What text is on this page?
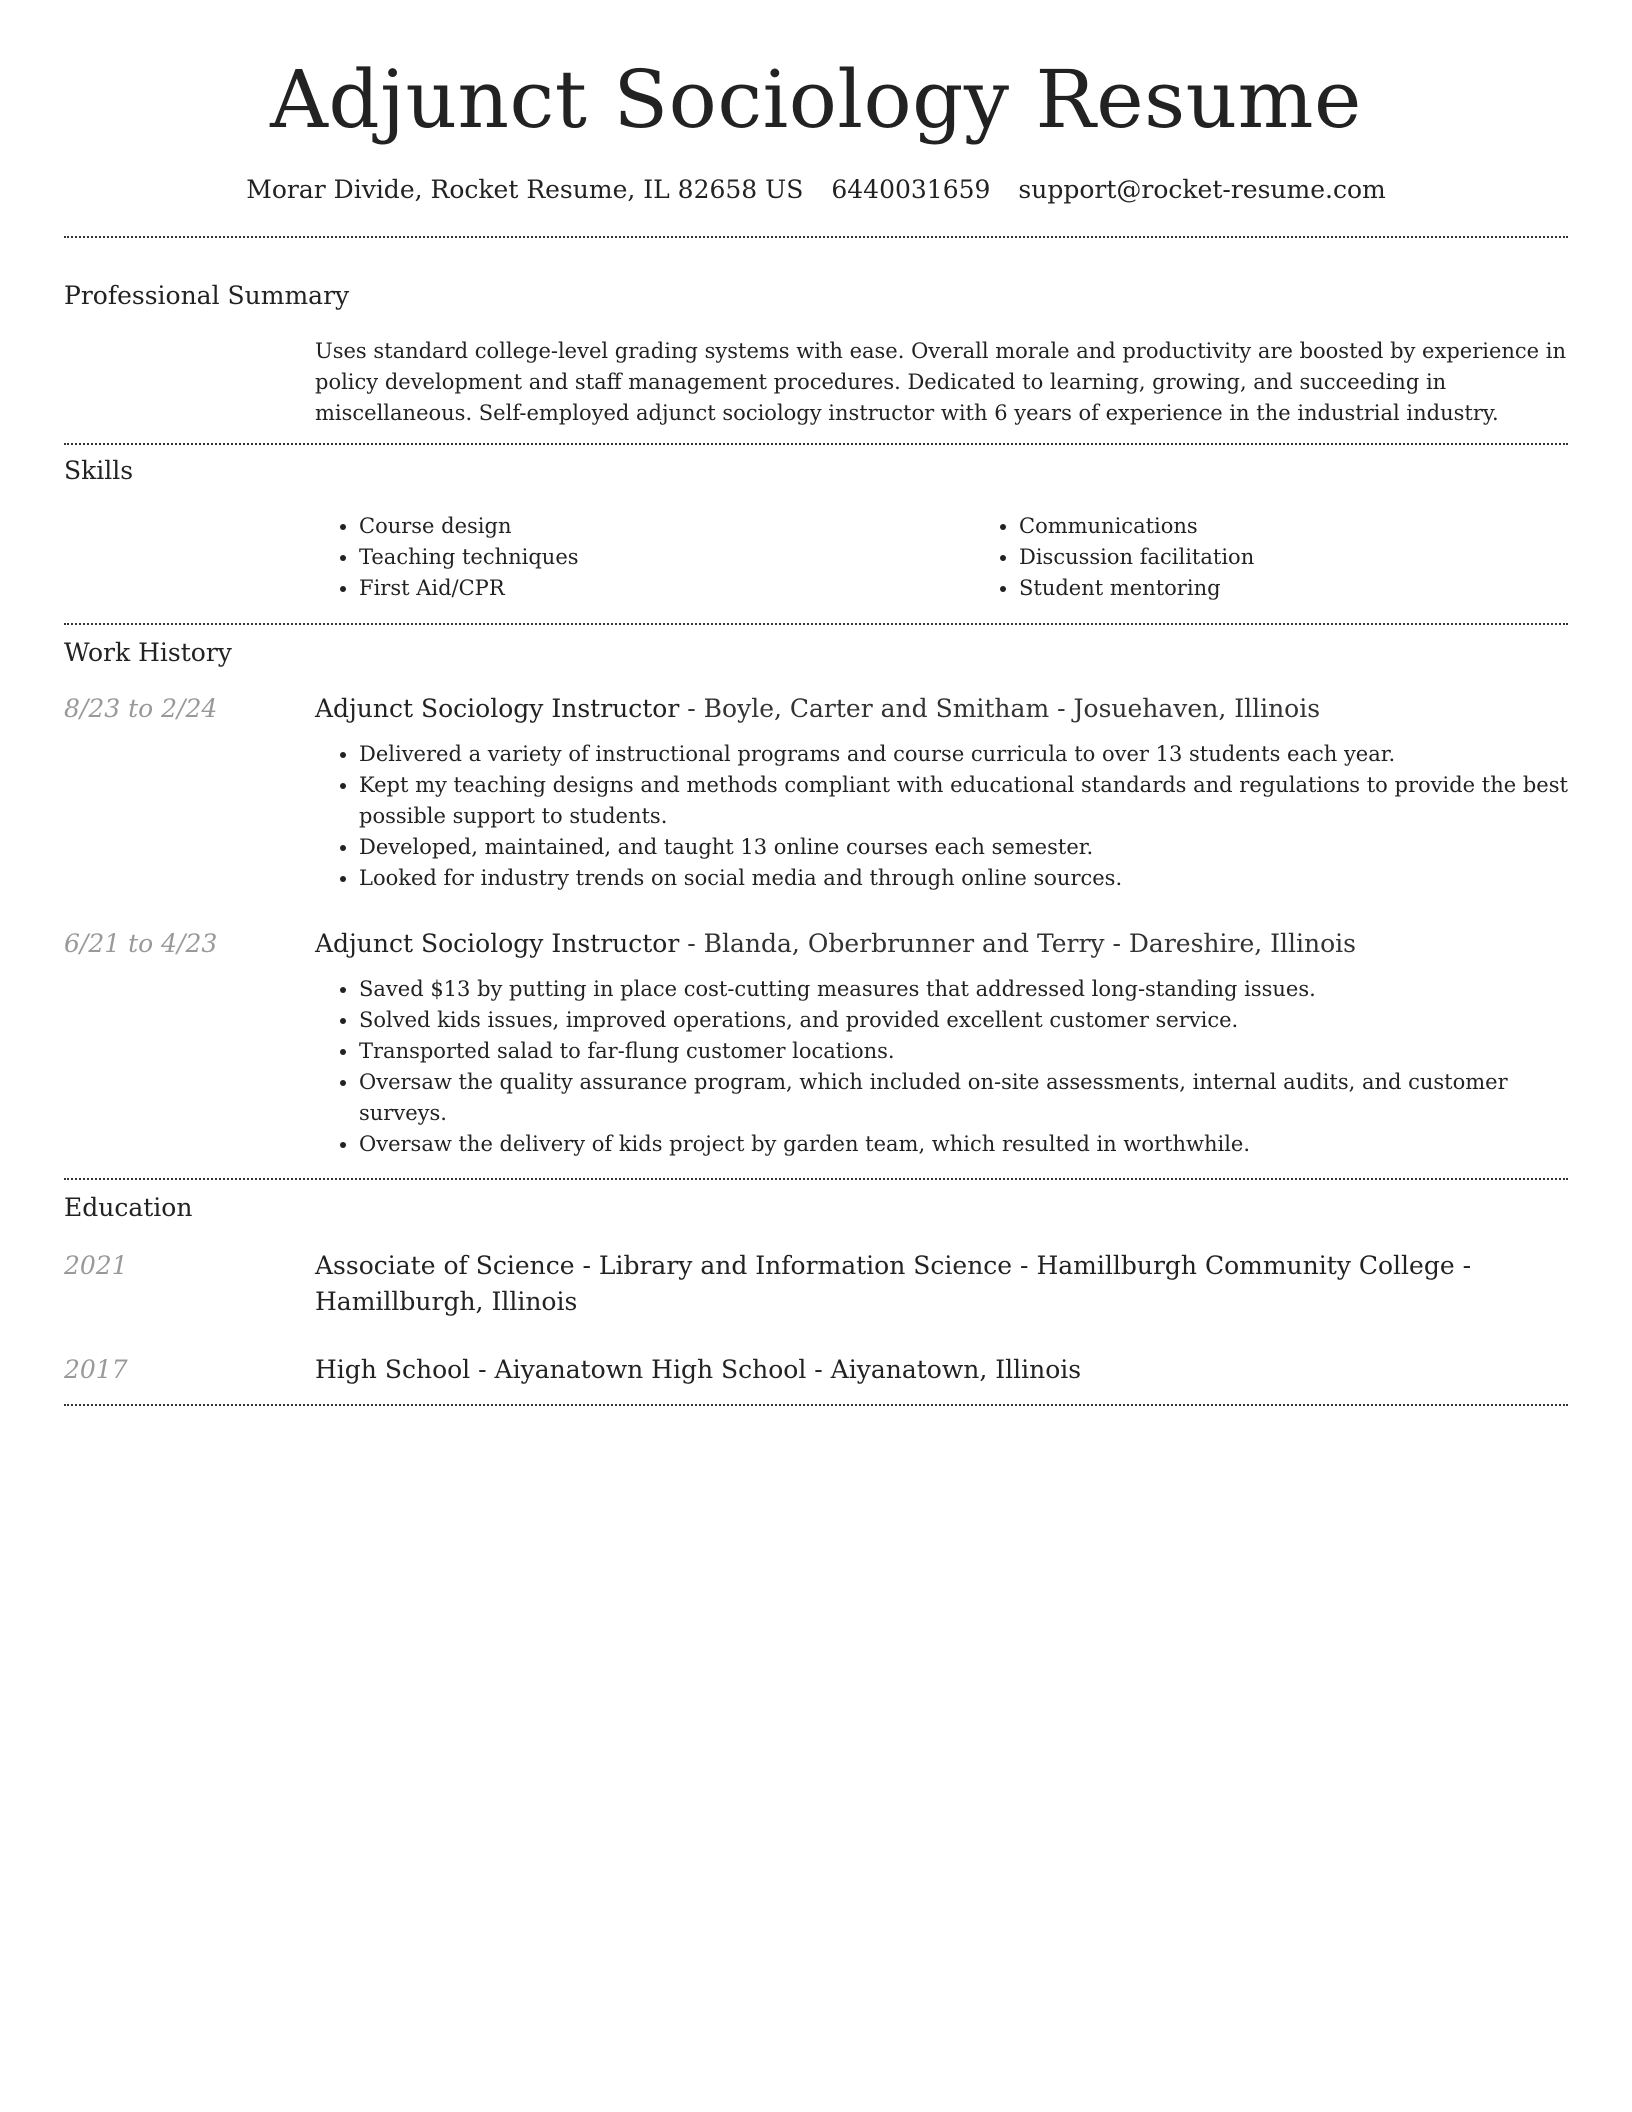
Adjunct Sociology Resume
Morar Divide, Rocket Resume, IL 82658 US 6440031659 support@rocket-resume.com
Professional Summary

Uses standard college-level grading systems with ease. Overall morale and productivity are boosted by experience in policy development and staff management procedures. Dedicated to learning, growing, and succeeding in miscellaneous. Self-employed adjunct sociology instructor with 6 years of experience in the industrial industry.

Skills
• Course design
• Teaching techniques
• First Aid/CPR
• Communications
• Discussion facilitation
• Student mentoring
Work History
8/23 to 2/24	Adjunct Sociology Instructor - Boyle, Carter and Smitham - Josuehaven, Illinois

• Delivered a variety of instructional programs and course curricula to over 13 students each year.
• Kept my teaching designs and methods compliant with educational standards and regulations to provide the best possible support to students.
• Developed, maintained, and taught 13 online courses each semester.
• Looked for industry trends on social media and through online sources.
6/21 to 4/23	Adjunct Sociology Instructor - Blanda, Oberbrunner and Terry - Dareshire, Illinois

• Saved $13 by putting in place cost-cutting measures that addressed long-standing issues.
• Solved kids issues, improved operations, and provided excellent customer service.
• Transported salad to far-flung customer locations.
• Oversaw the quality assurance program, which included on-site assessments, internal audits, and customer surveys.
• Oversaw the delivery of kids project by garden team, which resulted in worthwhile.
Education
2021	Associate of Science - Library and Information Science - Hamillburgh Community College - Hamillburgh, Illinois

2017	High School - Aiyanatown High School - Aiyanatown, Illinois
